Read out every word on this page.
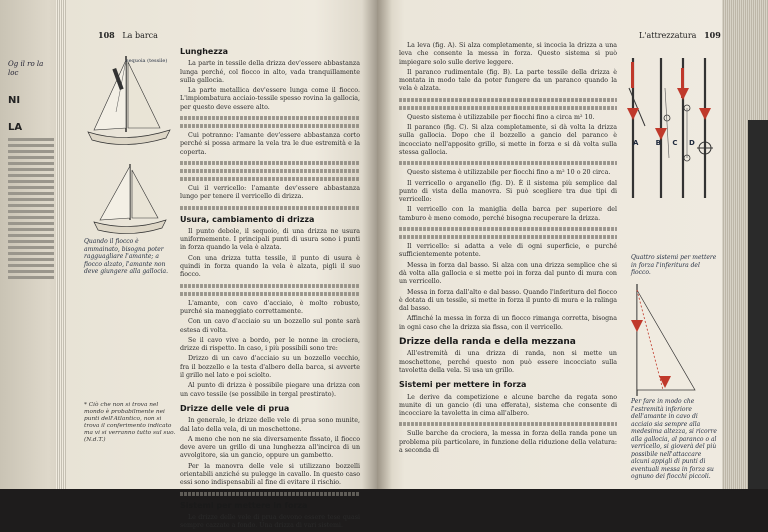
Og il ro la loc
NI
LA
108 La barca
sequoia (tessile)
Quando il fiocco è ammainato, bisogna poter ragguagliare l'amante; a fiocco alzato, l'amante non deve giungere alla gallocia.
* Ciò che non si trova nel mondo è probabilmente nei punti dell'Atlantico, non si trova il conferimento indicato ma vi si verranno tutto sul suo. (N.d.T.)
Lunghezza

La parte in tessile della drizza dev'essere abbastanza lunga perché, col fiocco in alto, vada tranquillamente sulla gallocia.

La parte metallica dev'essere lunga come il fiocco. L'impiombatura acciaio-tessile spesso rovina la gallocia, per questo deve essere alto.

Cui potranno: l'amante dev'essere abbastanza corto perché si possa armare la vela tra le due estremità e la coperta.

Cui il verricello: l'amante dev'essere abbastanza lungo per tenere il verricello di drizza.

Usura, cambiamento di drizza

Il punto debole, il sequoio, di una drizza ne usura uniformemente. I principali punti di usura sono i punti in forza quando la vela è alzata.

Con una drizza tutta tessile, il punto di usura è quindi in forza quando la vela è alzata, pigli il suo fiocco.

L'amante, con cavo d'acciaio, è molto robusto, purché sia maneggiato correttamente.

Con un cavo d'acciaio su un bozzello sul ponte sarà estesa di volta.

Se il cavo vive a bordo, per le nonne in crociera, drizze di rispetto. In caso, i più possibili sono tre:

Drizzo di un cavo d'acciaio su un bozzello vecchio, fra il bozzello e la testa d'albero della barca, si avverte il grillo nel lato e poi sciolto.

Al punto di drizza è possibile piegare una drizza con un cavo tessile (se possibile in tergal prestirato).

Drizze delle vele di prua

In generale, le drizze delle vele di prua sono munite, dal lato della vela, di un moschettone.

A meno che non ne sia diversamente fissato, il fiocco deve avere un grillo di una lunghezza all'incirca di un avvolgitore, sia un gancio, oppure un gambetto.

Per la manovra delle vele si utilizzano bozzelli orientabili anziché su pulegge in cavallo. In questo caso essi sono indispensabili al fine di evitare il rischio.

Sistemi per mettere in forza

Le drizze delle vele di prua devono essere tese quasi sempre cazzate a fondo. Una drizza di vari sistemi.

L'attrezzatura 109

La leva (fig. A). Si alza completamente, si incocia la drizza a una leva che consente la messa in forza. Questo sistema si può impiegare solo sulle derive leggere.

Il paranco rudimentale (fig. B). La parte tessile della drizza è montata in modo tale da poter fungere da un paranco quando la vela è alzata.

Questo sistema è utilizzabile per fiocchi fino a circa m² 10.

Il paranco (fig. C). Si alza completamente, si dà volta la drizza sulla gallocia. Dopo che il bozzello a gancio del paranco è incocciato nell'apposito grillo, si mette in forza e si dà volta sulla stessa gallocia.

Questo sistema è utilizzabile per fiocchi fino a m² 10 o 20 circa.

Il verricello o arganello (fig. D). È il sistema più semplice dal punto di vista della manovra. Si può scegliere tra due tipi di verricello:

Il verricello con la maniglia della barca per superiore del tamburo è meno comodo, perché bisogna recuperare la drizza.

Il verricello: si adatta a vele di ogni superficie, e purché sufficientemente potente.

Messa in forza dal basso. Si alza con una drizza semplice che si dà volta alla gallocia e si mette poi in forza dal punto di mura con un verricello.

Messa in forza dall'alto e dal basso. Quando l'inferitura del fiocco è dotata di un tessile, si mette in forza il punto di mura e la ralinga dal basso.

Affinché la messa in forza di un fiocco rimanga corretta, bisogna in ogni caso che la drizza sia fissa, con il verricello.

Drizze della randa e della mezzana

All'estremità di una drizza di randa, non si mette un moschettone, perché questo non può essere incocciato sulla tavoletta della vela. Si usa un grillo.

Sistemi per mettere in forza

Le derive da competizione e alcune barche da regata sono munite di un gancio (di una efferata), sistema che consente di incocciare la tavoletta in cima all'albero.

Sulle barche da crociera, la messa in forza della randa pone un problema più particolare, in funzione della riduzione della velatura: a seconda di

A B C D
Quattro sistemi per mettere in forza l'inferitura del fiocco.
Per fare in modo che l'estremità inferiore dell'amante in cavo di acciaio sia sempre alla medesima altezza, si ricorre alla gallocia, al paranco o al verricello, si gioverà del più possibile nell'attaccare alcuni appigli di punti di eventuali messa in forza su ognuno dei fiocchi piccoli.
